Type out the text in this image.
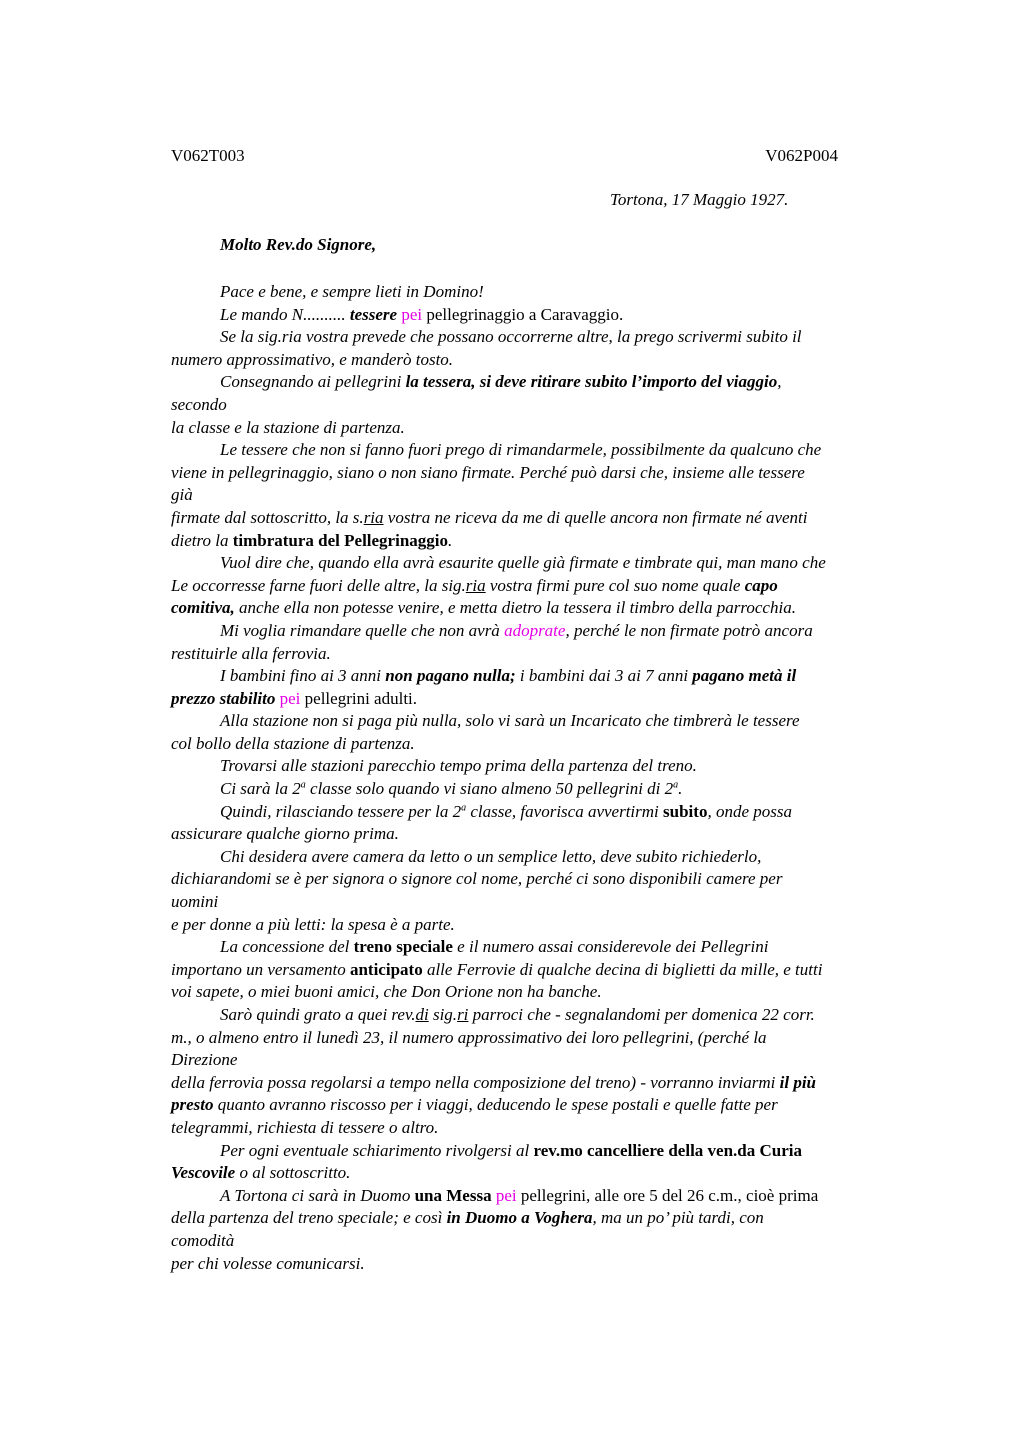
V062T003	V062P004
Tortona, 17 Maggio 1927.
Molto Rev.do Signore,

Pace e bene, e sempre lieti in Domino!

Le mando N.......... tessere pei pellegrinaggio a Caravaggio.

Se la sig.ria vostra prevede che possano occorrerne altre, la prego scrivermi subito il
numero approssimativo, e manderò tosto.

Consegnando ai pellegrini la tessera, si deve ritirare subito l’importo del viaggio,
secondo
la classe e la stazione di partenza.

Le tessere che non si fanno fuori prego di rimandarmele, possibilmente da qualcuno che
viene in pellegrinaggio, siano o non siano firmate. Perché può darsi che, insieme alle tessere
già
firmate dal sottoscritto, la s.ria vostra ne riceva da me di quelle ancora non firmate né aventi
dietro la timbratura del Pellegrinaggio.

Vuol dire che, quando ella avrà esaurite quelle già firmate e timbrate qui, man mano che
Le occorresse farne fuori delle altre, la sig.ria vostra firmi pure col suo nome quale capo
comitiva, anche ella non potesse venire, e metta dietro la tessera il timbro della parrocchia.

Mi voglia rimandare quelle che non avrà adoprate, perché le non firmate potrò ancora
restituirle alla ferrovia.

I bambini fino ai 3 anni non pagano nulla; i bambini dai 3 ai 7 anni pagano metà il
prezzo stabilito pei pellegrini adulti.

Alla stazione non si paga più nulla, solo vi sarà un Incaricato che timbrerà le tessere
col bollo della stazione di partenza.

Trovarsi alle stazioni parecchio tempo prima della partenza del treno.

Ci sarà la 2$^a$ classe solo quando vi siano almeno 50 pellegrini di 2$^a$.

Quindi, rilasciando tessere per la 2$^a$ classe, favorisca avvertirmi subito, onde possa
assicurare qualche giorno prima.

Chi desidera avere camera da letto o un semplice letto, deve subito richiederlo,
dichiarandomi se è per signora o signore col nome, perché ci sono disponibili camere per
uomini
e per donne a più letti: la spesa è a parte.

La concessione del treno speciale e il numero assai considerevole dei Pellegrini
importano un versamento anticipato alle Ferrovie di qualche decina di biglietti da mille, e tutti
voi sapete, o miei buoni amici, che Don Orione non ha banche.

Sarò quindi grato a quei rev.di sig.ri parroci che - segnalandomi per domenica 22 corr.
m., o almeno entro il lunedì 23, il numero approssimativo dei loro pellegrini, (perché la
Direzione
della ferrovia possa regolarsi a tempo nella composizione del treno) - vorranno inviarmi il più
presto quanto avranno riscosso per i viaggi, deducendo le spese postali e quelle fatte per
telegrammi, richiesta di tessere o altro.

Per ogni eventuale schiarimento rivolgersi al rev.mo cancelliere della ven.da Curia
Vescovile o al sottoscritto.

A Tortona ci sarà in Duomo una Messa pei pellegrini, alle ore 5 del 26 c.m., cioè prima
della partenza del treno speciale; e così in Duomo a Voghera, ma un po’ più tardi, con
comodità
per chi volesse comunicarsi.
